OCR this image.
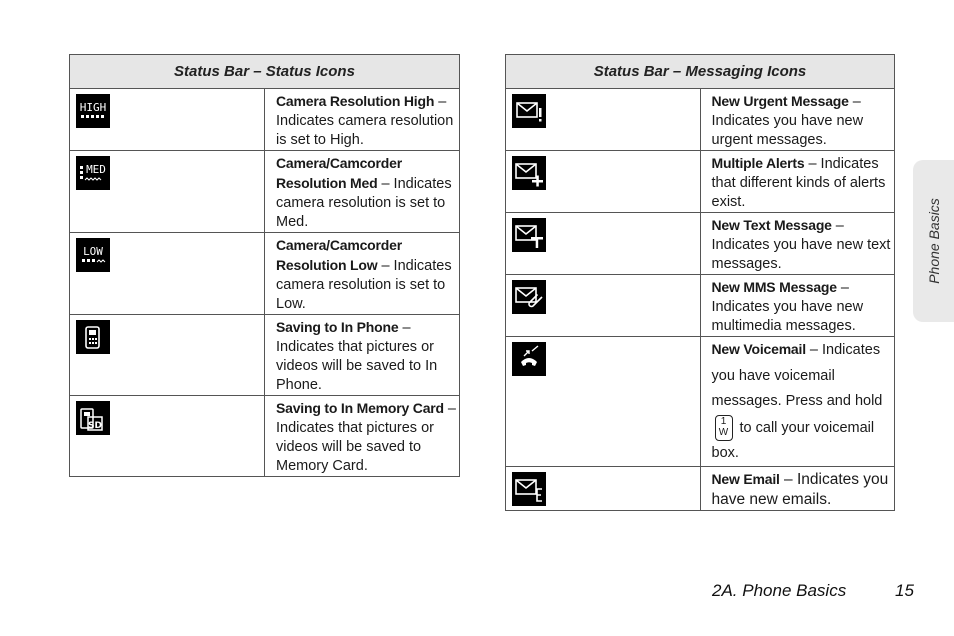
Status Bar – Status Icons	

HIGH	Camera Resolution High – Indicates camera resolution is set to High.

MED	Camera/Camcorder Resolution Med – Indicates camera resolution is set to Med.

LOW	Camera/Camcorder Resolution Low – Indicates camera resolution is set to Low.

	Saving to In Phone – Indicates that pictures or videos will be saved to In Phone.

SD	Saving to In Memory Card – Indicates that pictures or videos will be saved to Memory Card.
Status Bar – Messaging Icons	

	New Urgent Message – Indicates you have new urgent messages.

	Multiple Alerts – Indicates that different kinds of alerts exist.

	New Text Message – Indicates you have new text messages.

	New MMS Message – Indicates you have new multimedia messages.

	New Voicemail – Indicates you have voicemail messages. Press and hold
1
W to call your voicemail box.

	New Email – Indicates you have new emails.
Phone Basics
2A. Phone Basics	15
